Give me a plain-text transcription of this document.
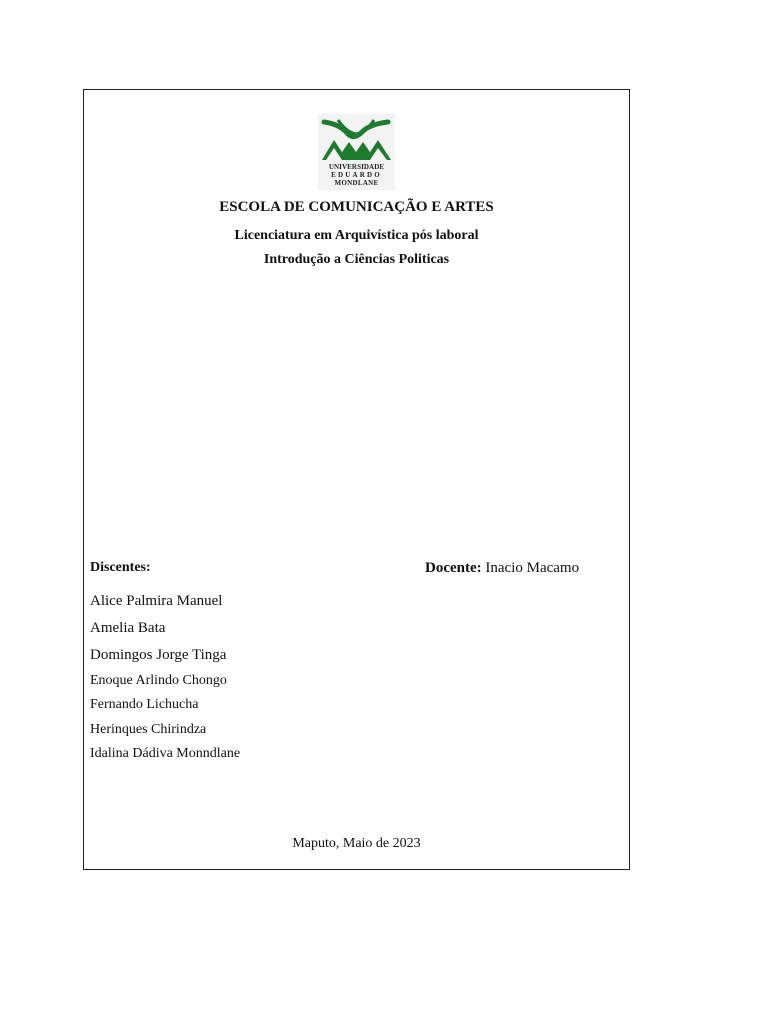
UNIVERSIDADE
EDUARDO
MONDLANE
ESCOLA DE COMUNICAÇÃO E ARTES
Licenciatura em Arquivística pós laboral
Introdução a Ciências Politicas
Discentes:	Docente: Inacio Macamo
Alice Palmira Manuel
Amelia Bata
Domingos Jorge Tinga
Enoque Arlindo Chongo
Fernando Lichucha
Herinques Chirindza
Idalina Dádiva Monndlane
Maputo, Maio de 2023
